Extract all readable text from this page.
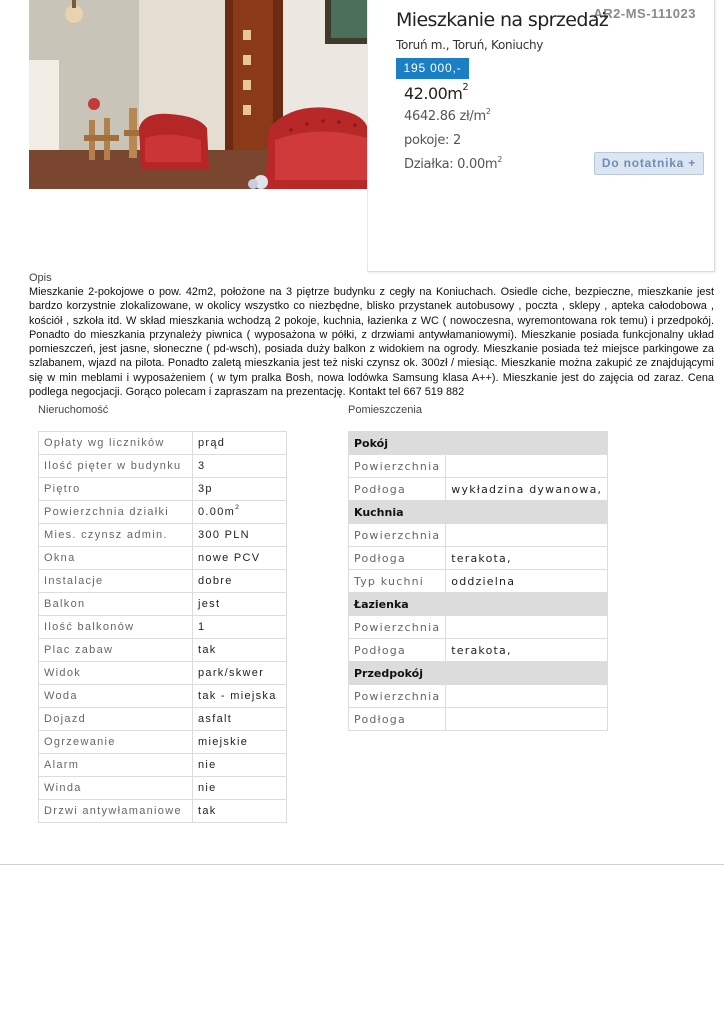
AR2-MS-111023
Mieszkanie na sprzedaż
Toruń m., Toruń, Koniuchy
195 000,-
$42.00m^2$
4642.86 $zł/m^2$
pokoje: 2
Działka: $0.00m^2$	Do notatnika +
Opis
Mieszkanie 2-pokojowe o pow. 42m2, położone na 3 piętrze budynku z cegły na Koniuchach. Osiedle ciche, bezpieczne, mieszkanie jest bardzo korzystnie zlokalizowane, w okolicy wszystko co niezbędne, blisko przystanek autobusowy , poczta , sklepy , apteka całodobowa , kościół , szkoła itd. W skład mieszkania wchodzą 2 pokoje, kuchnia, łazienka z WC ( nowoczesna, wyremontowana rok temu) i przedpokój. Ponadto do mieszkania przynależy piwnica ( wyposażona w półki, z drzwiami antywłamaniowymi). Mieszkanie posiada funkcjonalny układ pomieszczeń, jest jasne, słoneczne ( pd-wsch), posiada duży balkon z widokiem na ogrody. Mieszkanie posiada też miejsce parkingowe za szlabanem, wjazd na pilota. Ponadto zaletą mieszkania jest też niski czynsz ok. 300zł / miesiąc. Mieszkanie można zakupić ze znajdującymi się w min meblami i wyposażeniem ( w tym pralka Bosh, nowa lodówka Samsung klasa A++). Mieszkanie jest do zajęcia od zaraz. Cena podlega negocjacji. Gorąco polecam i zapraszam na prezentację. Kontakt tel 667 519 882
Nieruchomość	Pomieszczenia
Opłaty wg liczników	prąd
Ilość pięter w budynku	3
Piętro	3p
Powierzchnia działki	$0.00m^2$
Mies. czynsz admin.	300 PLN
Okna	nowe PCV
Instalacje	dobre
Balkon	jest
Ilość balkonów	1
Plac zabaw	tak
Widok	park/skwer
Woda	tak - miejska
Dojazd	asfalt
Ogrzewanie	miejskie
Alarm	nie
Winda	nie
Drzwi antywłamaniowe	tak
Pokój	
Powierzchnia	
Podłoga	wykładzina dywanowa,
Kuchnia	
Powierzchnia	
Podłoga	terakota,
Typ kuchni	oddzielna
Łazienka	
Powierzchnia	
Podłoga	terakota,
Przedpokój	
Powierzchnia	
Podłoga	
